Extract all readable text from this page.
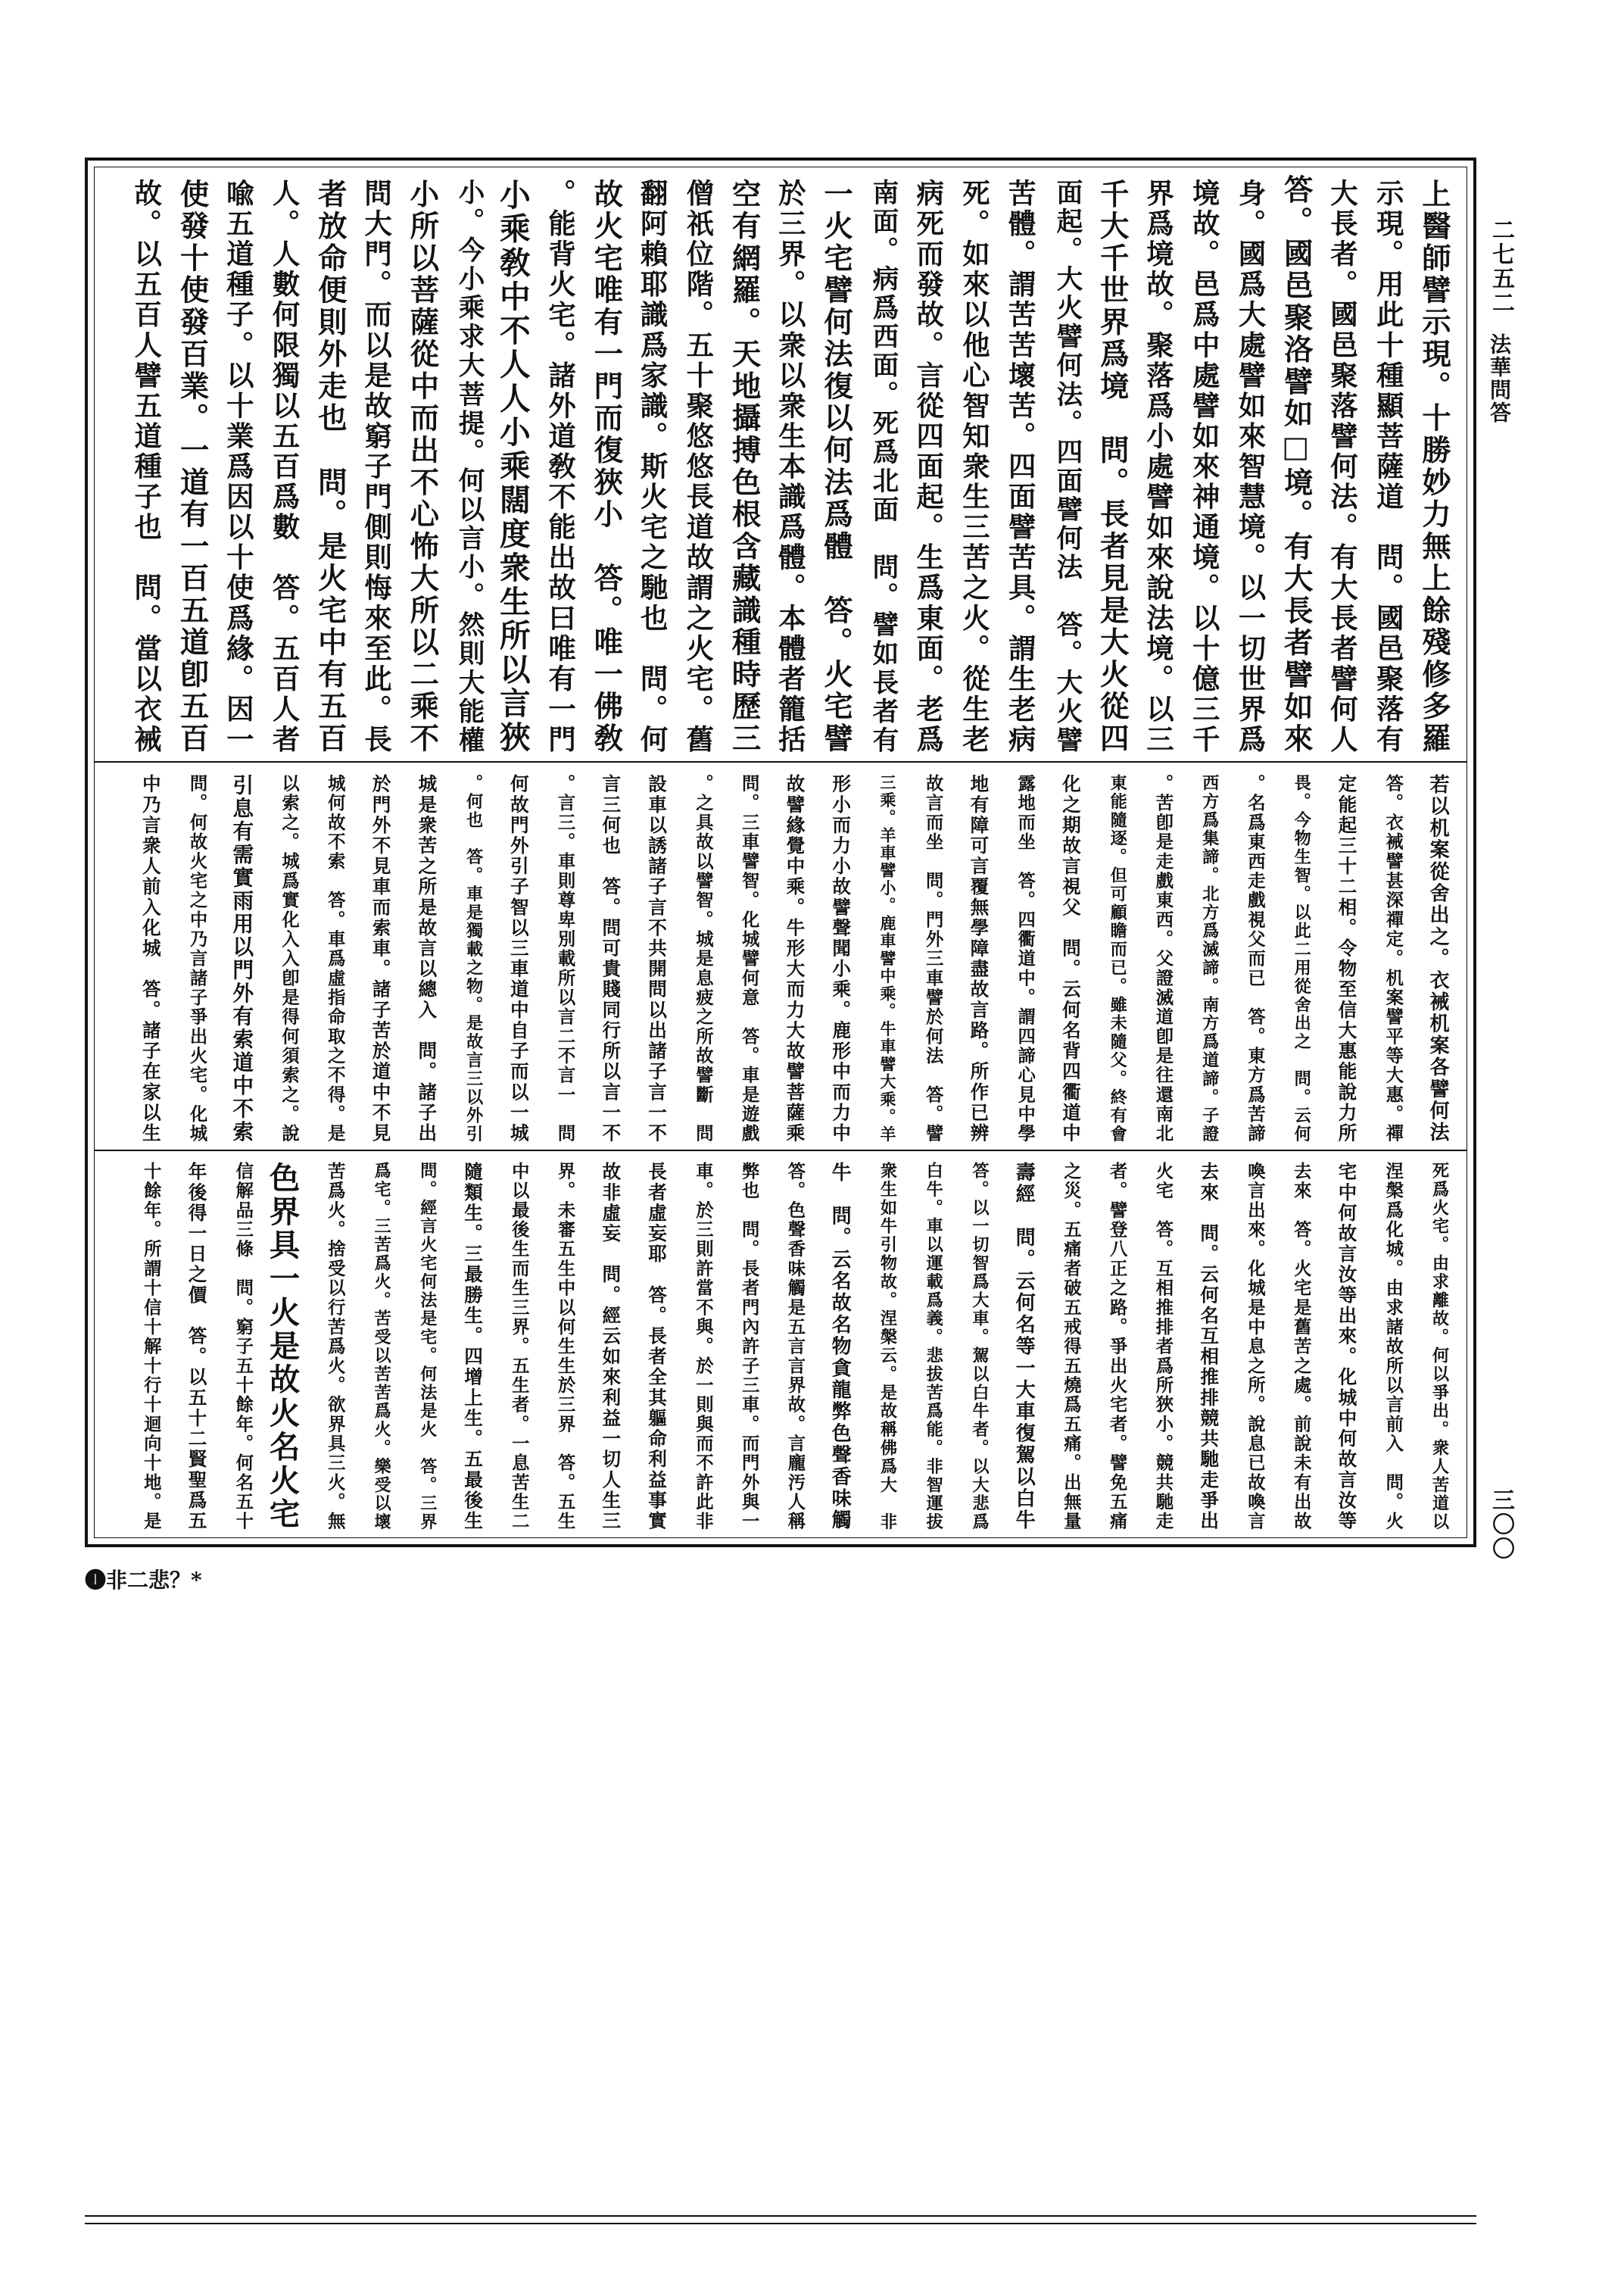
二七五二
法華問答
三〇〇
上醫師譬示現。十勝妙力無上餘殘修多羅
示現。用此十種顯菩薩道　問。國邑聚落有
大長者。國邑聚落譬何法。有大長者譬何人
答。國邑聚洛譬如□境。有大長者譬如來
身。國爲大處譬如來智慧境。以一切世界爲
境故。邑爲中處譬如來神通境。以十億三千
界爲境故。聚落爲小處譬如來說法境。以三
千大千世界爲境　問。長者見是大火從四
面起。大火譬何法。四面譬何法　答。大火譬
苦體。謂苦苦壞苦。四面譬苦具。謂生老病
死。如來以他心智知衆生三苦之火。從生老
病死而發故。言從四面起。生爲東面。老爲
南面。病爲西面。死爲北面　問。譬如長者有
一火宅譬何法復以何法爲體　答。火宅譬
於三界。以衆以衆生本識爲體。本體者籠括
空有網羅。天地攝搏色根含藏識種時歷三
僧祇位階。五十聚悠悠長道故謂之火宅。舊
翻阿賴耶識爲家識。斯火宅之馳也　問。何
故火宅唯有一門而復狹小　答。唯一佛敎
能背火宅。諸外道敎不能出故曰唯有一門。
小乘敎中不人人小乘闊度衆生所以言狹
小。今小乘求大菩提。何以言小。然則大能權
小所以菩薩從中而出不心怖大所以二乘不
問大門。而以是故窮子門側則悔來至此。長
者放命便則外走也　問。是火宅中有五百
人。人數何限獨以五百爲數　答。五百人者
喩五道種子。以十業爲因以十使爲緣。因一
使發十使發百業。一道有一百五道卽五百
故。以五百人譬五道種子也　問。當以衣裓
若以机案從舍出之。衣裓机案各譬何法
答。衣裓譬甚深禪定。机案譬平等大惠。禪
定能起三十二相。令物至信大惠能說力所
畏。今物生智。以此二用從舍出之　問。云何
名爲東西走戲視父而已　答。東方爲苦諦。
西方爲集諦。北方爲滅諦。南方爲道諦。子證
苦卽是走戲東西。父證滅道卽是往還南北。
東能隨逐。但可顧瞻而已。雖未隨父。終有會
化之期故言視父　問。云何名背四衢道中
露地而坐　答。四衢道中。謂四諦心見中學
地有障可言覆無學障盡故言路。所作已辨
故言而坐　問。門外三車譬於何法　答。譬
三乘。羊車譬小。鹿車譬中乘。牛車譬大乘。羊
形小而力小故譬聲聞小乘。鹿形中而力中
故譬緣覺中乘。牛形大而力大故譬菩薩乘
問。三車譬智。化城譬何意　答。車是遊戲
之具故以譬智。城是息疲之所故譬斷　問。
設車以誘諸子言不共開問以出諸子言一不
言三何也　答。問可貴賤同行所以言一不
言三。車則尊卑別載所以言二不言一　問。
何故門外引子智以三車道中自子而以一城
何也　答。車是獨載之物。是故言三以外引。
城是衆苦之所是故言以總入　問。諸子出
於門外不見車而索車。諸子苦於道中不見
城何故不索　答。車爲虛指命取之不得。是
以索之。城爲實化入入卽是得何須索之。說
引息有需實雨用以門外有索道中不索
問。何故火宅之中乃言諸子爭出火宅。化城
中乃言衆人前入化城　答。諸子在家以生
死爲火宅。由求離故。何以爭出。衆人苦道以
涅槃爲化城。由求諸故所以言前入　問。火
宅中何故言汝等出來。化城中何故言汝等
去來　答。火宅是舊苦之處。前說未有出故
喚言出來。化城是中息之所。說息已故喚言
去來　問。云何名互相推排競共馳走爭出
火宅　答。互相推排者爲所狹小。競共馳走
者。譬登八正之路。爭出火宅者。譬免五痛
之災。五痛者破五戒得五燒爲五痛。出無量
壽經　問。云何名等一大車復駕以白牛
答。以一切智爲大車。駕以白牛者。以大悲爲
白牛。車以運載爲義。悲拔苦爲能。非智運拔
衆生如牛引物故。涅槃云。是故稱佛爲大　非
牛　問。云名故名物貪龍弊色聲香味觸
答。色聲香味觸是五言言界故。言龐汚人稱
弊也　問。長者門內許子三車。而門外與一
車。於三則許當不與。於一則與而不許此非
長者虛妄耶　答。長者全其軀命利益事實
故非虛妄　問。經云如來利益一切人生三
界。未審五生中以何生生於三界　答。五生
中以最後生而生三界。五生者。一息苦生二
隨類生。三最勝生。四增上生。五最後生
問。經言火宅何法是宅。何法是火　答。三界
爲宅。三苦爲火。苦受以苦苦爲火。樂受以壞
苦爲火。捨受以行苦爲火。欲界具三火。無
色界具一火是故火名火宅
信解品三條　問。窮子五十餘年。何名五十
年後得一日之價　答。以五十二賢聖爲五
十餘年。所謂十信十解十行十迴向十地。是
❶非二悲？*
